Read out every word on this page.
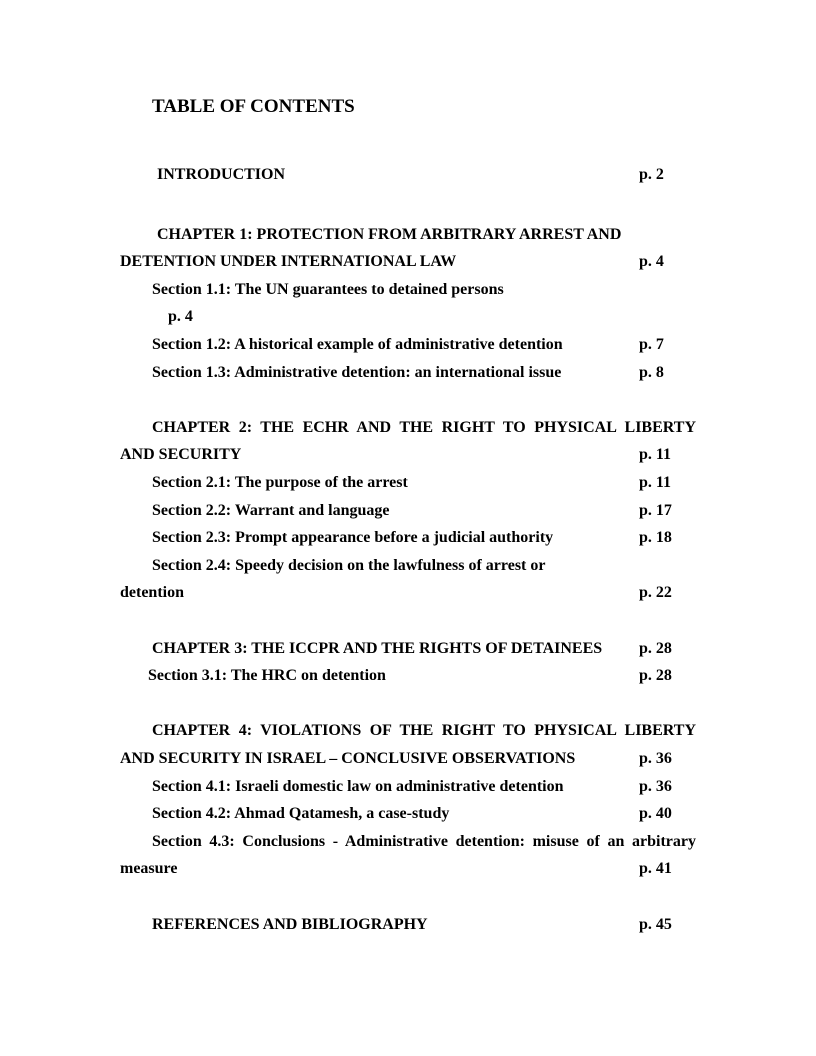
TABLE OF CONTENTS
INTRODUCTION	p. 2
CHAPTER 1: PROTECTION FROM ARBITRARY ARREST AND
DETENTION UNDER INTERNATIONAL LAW	p. 4
Section 1.1: The UN guarantees to detained persons
p. 4
Section 1.2: A historical example of administrative detention	p. 7
Section 1.3: Administrative detention: an international issue	p. 8
CHAPTER 2: THE ECHR AND THE RIGHT TO PHYSICAL LIBERTY
AND SECURITY	p. 11
Section 2.1: The purpose of the arrest	p. 11
Section 2.2: Warrant and language	p. 17
Section 2.3: Prompt appearance before a judicial authority	p. 18
Section 2.4: Speedy decision on the lawfulness of arrest or
detention	p. 22
CHAPTER 3: THE ICCPR AND THE RIGHTS OF DETAINEES p. 28
Section 3.1: The HRC on detention	p. 28
CHAPTER 4: VIOLATIONS OF THE RIGHT TO PHYSICAL LIBERTY
AND SECURITY IN ISRAEL – CONCLUSIVE OBSERVATIONS	p. 36
Section 4.1: Israeli domestic law on administrative detention	p. 36
Section 4.2: Ahmad Qatamesh, a case-study	p. 40
Section 4.3: Conclusions - Administrative detention: misuse of an arbitrary
measure	p. 41
REFERENCES AND BIBLIOGRAPHY	p. 45
